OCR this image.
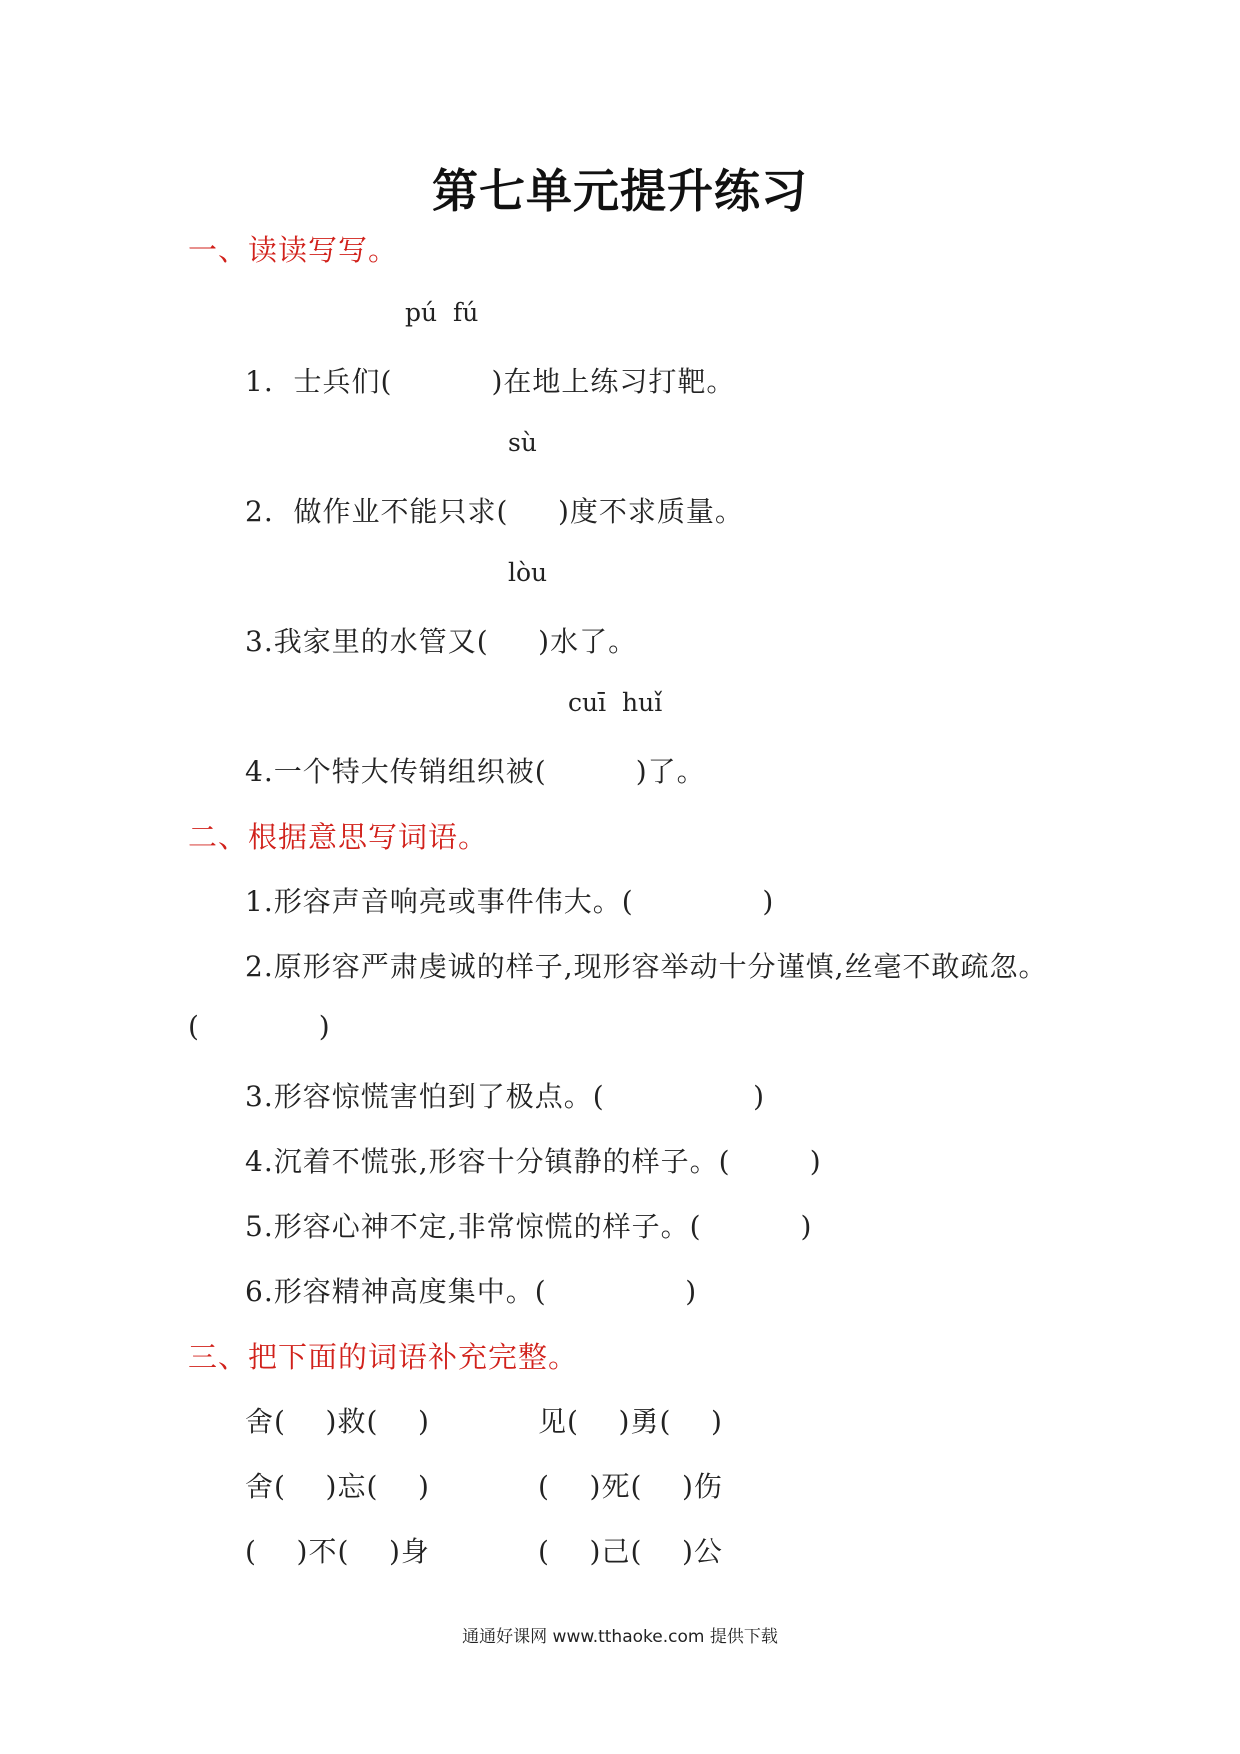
第七单元提升练习
一、读读写写。
pú  fú
1.  士兵们(          )在地上练习打靶。
sù
2.  做作业不能只求(     )度不求质量。
lòu
3.我家里的水管又(     )水了。
cuī  huǐ
4.一个特大传销组织被(         )了。
二、根据意思写词语。
1.形容声音响亮或事件伟大。(             )
2.原形容严肃虔诚的样子,现形容举动十分谨慎,丝毫不敢疏忽。
(            )
3.形容惊慌害怕到了极点。(               )
4.沉着不慌张,形容十分镇静的样子。(        )
5.形容心神不定,非常惊慌的样子。(          )
6.形容精神高度集中。(              )
三、把下面的词语补充完整。
舍(    )救(    )	见(    )勇(    )
舍(    )忘(    )	(    )死(    )伤
(    )不(    )身	(    )己(    )公
通通好课网 www.tthaoke.com 提供下载
